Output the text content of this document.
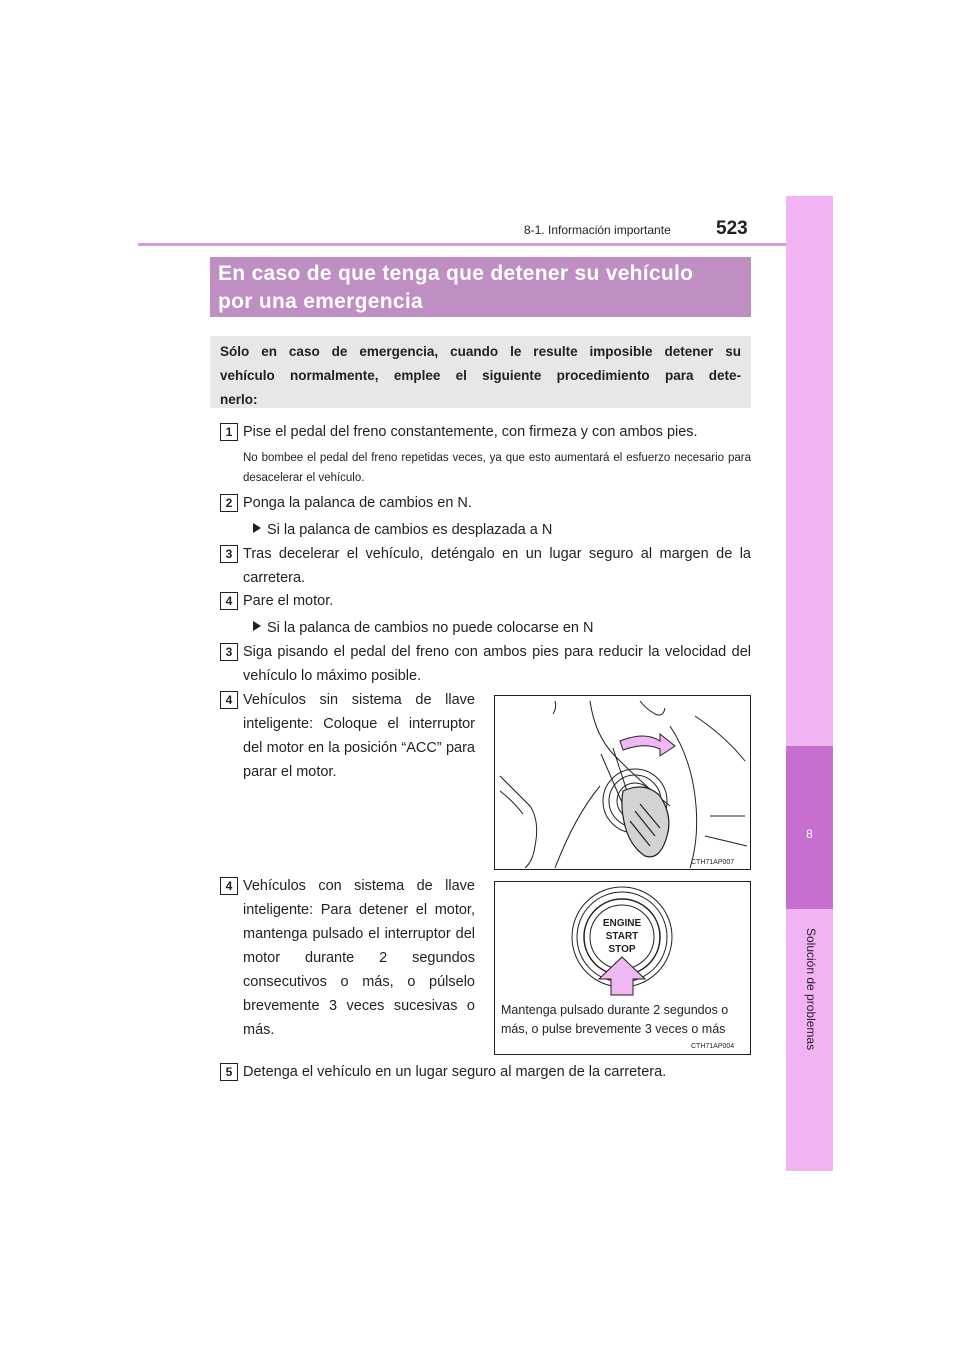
8-1. Información importante 523
8
Solución de problemas
En caso de que tenga que detener su vehículo
por una emergencia
Sólo en caso de emergencia, cuando le resulte imposible detener su
vehículo normalmente, emplee el siguiente procedimiento para dete-
nerlo:
1 Pise el pedal del freno constantemente, con firmeza y con ambos pies.
No bombee el pedal del freno repetidas veces, ya que esto aumentará el esfuerzo necesario para desacelerar el vehículo.
2 Ponga la palanca de cambios en N.
Si la palanca de cambios es desplazada a N
3 Tras decelerar el vehículo, deténgalo en un lugar seguro al margen de la carretera.
4 Pare el motor.
Si la palanca de cambios no puede colocarse en N
3 Siga pisando el pedal del freno con ambos pies para reducir la velocidad del vehículo lo máximo posible.
4 Vehículos sin sistema de llave inteligente: Coloque el interruptor del motor en la posición “ACC” para parar el motor.
CTH71AP007
4 Vehículos con sistema de llave inteligente: Para detener el motor, mantenga pulsado el interruptor del motor durante 2 segundos consecutivos o más, o púlselo brevemente 3 veces sucesivas o más.
ENGINE
START
STOP
Mantenga pulsado durante 2 segundos o
más, o pulse brevemente 3 veces o más
CTH71AP004
5 Detenga el vehículo en un lugar seguro al margen de la carretera.
